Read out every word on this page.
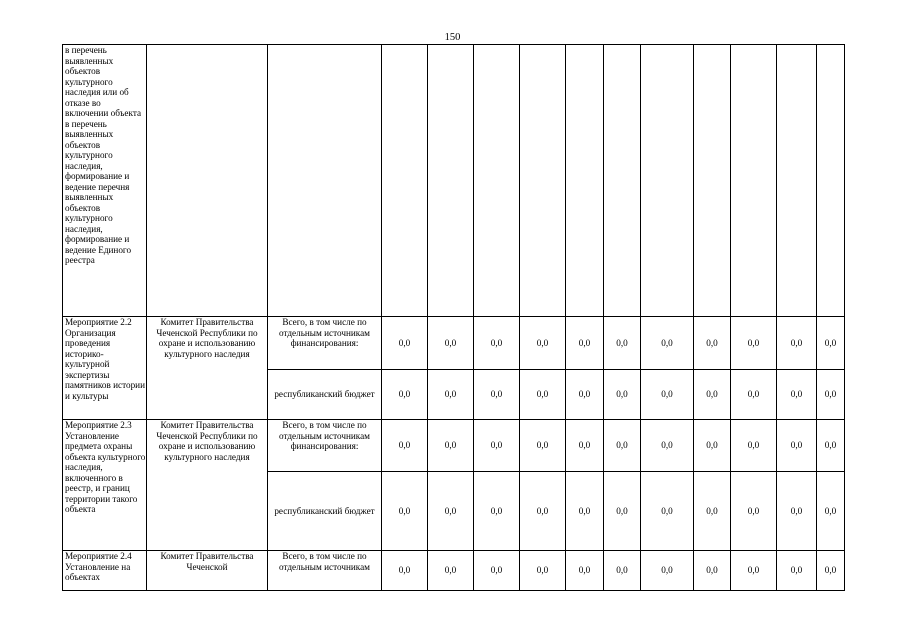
150
в перечень выявленных объектов культурного наследия или об отказе во включении объекта в перечень выявленных объектов культурного наследия, формирование и ведение перечня выявленных объектов культурного наследия, формирование и ведение Единого реестра													
Мероприятие 2.2 Организация проведения историко-культурной экспертизы памятников истории и культуры	Комитет Правительства Чеченской Республики по охране и использованию культурного наследия	Всего, в том числе по отдельным источникам финансирования:	0,0	0,0	0,0	0,0	0,0	0,0	0,0	0,0	0,0	0,0	0,0
		республиканский бюджет	0,0	0,0	0,0	0,0	0,0	0,0	0,0	0,0	0,0	0,0	0,0
Мероприятие 2.3 Установление предмета охраны объекта культурного наследия, включенного в реестр, и границ территории такого объекта	Комитет Правительства Чеченской Республики по охране и использованию культурного наследия	Всего, в том числе по отдельным источникам финансирования:	0,0	0,0	0,0	0,0	0,0	0,0	0,0	0,0	0,0	0,0	0,0
		республиканский бюджет	0,0	0,0	0,0	0,0	0,0	0,0	0,0	0,0	0,0	0,0	0,0
Мероприятие 2.4 Установление на объектах	Комитет Правительства Чеченской	Всего, в том числе по отдельным источникам	0,0	0,0	0,0	0,0	0,0	0,0	0,0	0,0	0,0	0,0	0,0
